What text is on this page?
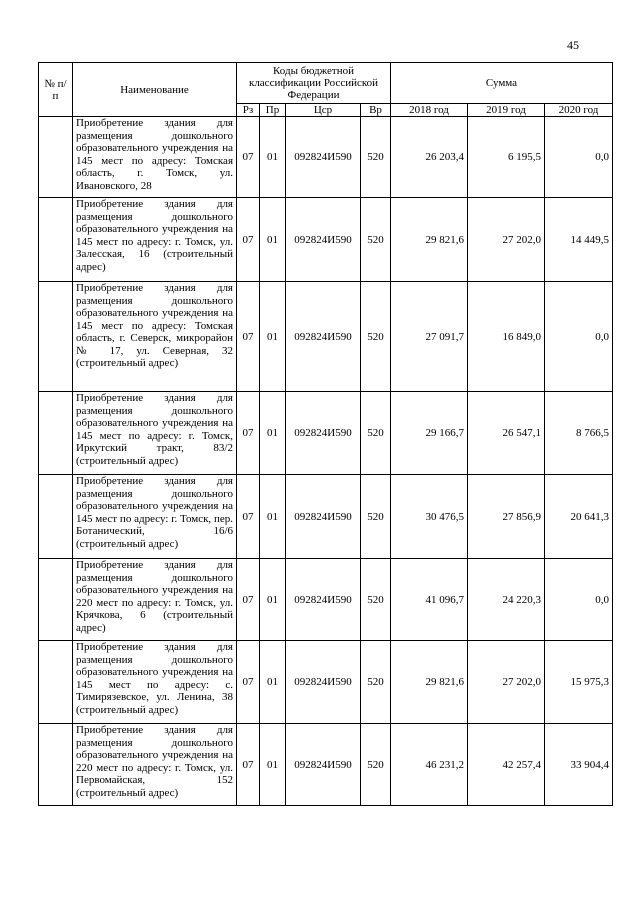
45
№ п/п	Наименование	Коды бюджетной классификации Российской Федерации				Сумма		
		Рз	Пр	Цср	Вр	2018 год	2019 год	2020 год
	Приобретение здания для размещения дошкольного образовательного учреждения на 145 мест по адресу: Томская область, г. Томск, ул. Ивановского, 28	07	01	092824И590	520	26 203,4	6 195,5	0,0
	Приобретение здания для размещения дошкольного образовательного учреждения на 145 мест по адресу: г. Томск, ул. Залесская, 16 (строительный адрес)	07	01	092824И590	520	29 821,6	27 202,0	14 449,5
	Приобретение здания для размещения дошкольного образовательного учреждения на 145 мест по адресу: Томская область, г. Северск, микрорайон № 17, ул. Северная, 32 (строительный адрес)	07	01	092824И590	520	27 091,7	16 849,0	0,0
	Приобретение здания для размещения дошкольного образовательного учреждения на 145 мест по адресу: г. Томск, Иркутский тракт, 83/2 (строительный адрес)	07	01	092824И590	520	29 166,7	26 547,1	8 766,5
	Приобретение здания для размещения дошкольного образовательного учреждения на 145 мест по адресу: г. Томск, пер. Ботанический, 16/6 (строительный адрес)	07	01	092824И590	520	30 476,5	27 856,9	20 641,3
	Приобретение здания для размещения дошкольного образовательного учреждения на 220 мест по адресу: г. Томск, ул. Крячкова, 6 (строительный адрес)	07	01	092824И590	520	41 096,7	24 220,3	0,0
	Приобретение здания для размещения дошкольного образовательного учреждения на 145 мест по адресу: с. Тимирязевское, ул. Ленина, 38 (строительный адрес)	07	01	092824И590	520	29 821,6	27 202,0	15 975,3
	Приобретение здания для размещения дошкольного образовательного учреждения на 220 мест по адресу: г. Томск, ул. Первомайская, 152 (строительный адрес)	07	01	092824И590	520	46 231,2	42 257,4	33 904,4
